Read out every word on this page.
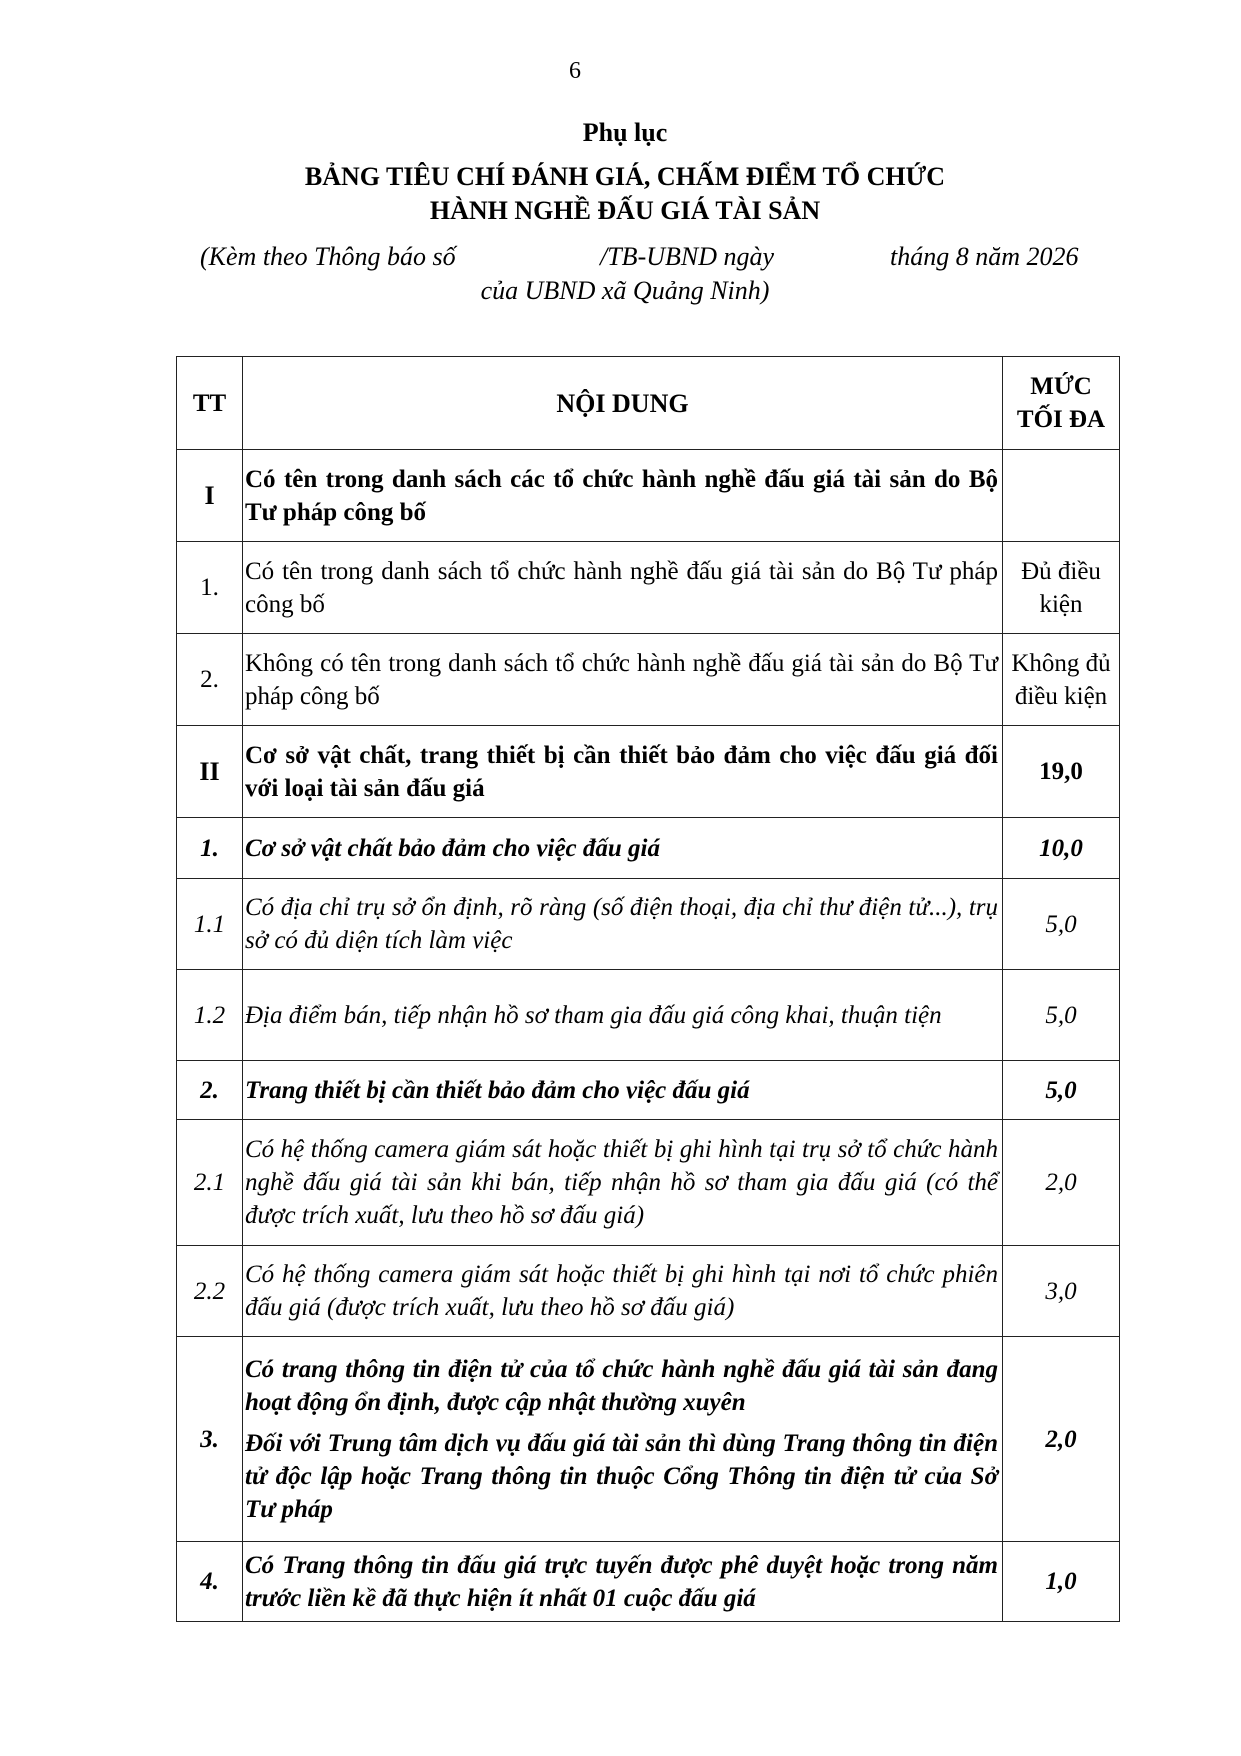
6
Phụ lục
BẢNG TIÊU CHÍ ĐÁNH GIÁ, CHẤM ĐIỂM TỔ CHỨC
HÀNH NGHỀ ĐẤU GIÁ TÀI SẢN
(Kèm theo Thông báo số	/TB-UBND ngày	tháng 8 năm 2026
của UBND xã Quảng Ninh)
TT	NỘI DUNG	MỨC
TỐI ĐA

I	Có tên trong danh sách các tổ chức hành nghề đấu giá tài sản do Bộ Tư pháp công bố	
1.	Có tên trong danh sách tổ chức hành nghề đấu giá tài sản do Bộ Tư pháp công bố	Đủ điều kiện
2.	Không có tên trong danh sách tổ chức hành nghề đấu giá tài sản do Bộ Tư pháp công bố	Không đủ điều kiện
II	Cơ sở vật chất, trang thiết bị cần thiết bảo đảm cho việc đấu giá đối với loại tài sản đấu giá	19,0
1.	Cơ sở vật chất bảo đảm cho việc đấu giá	10,0
1.1	Có địa chỉ trụ sở ổn định, rõ ràng (số điện thoại, địa chỉ thư điện tử...), trụ sở có đủ diện tích làm việc	5,0
1.2	Địa điểm bán, tiếp nhận hồ sơ tham gia đấu giá công khai, thuận tiện	5,0
2.	Trang thiết bị cần thiết bảo đảm cho việc đấu giá	5,0
2.1	Có hệ thống camera giám sát hoặc thiết bị ghi hình tại trụ sở tổ chức hành nghề đấu giá tài sản khi bán, tiếp nhận hồ sơ tham gia đấu giá (có thể được trích xuất, lưu theo hồ sơ đấu giá)	2,0
2.2	Có hệ thống camera giám sát hoặc thiết bị ghi hình tại nơi tổ chức phiên đấu giá (được trích xuất, lưu theo hồ sơ đấu giá)	3,0
3.	Có trang thông tin điện tử của tổ chức hành nghề đấu giá tài sản đang hoạt động ổn định, được cập nhật thường xuyên
Đối với Trung tâm dịch vụ đấu giá tài sản thì dùng Trang thông tin điện tử độc lập hoặc Trang thông tin thuộc Cổng Thông tin điện tử của Sở Tư pháp	2,0
4.	Có Trang thông tin đấu giá trực tuyến được phê duyệt hoặc trong năm trước liền kề đã thực hiện ít nhất 01 cuộc đấu giá	1,0
